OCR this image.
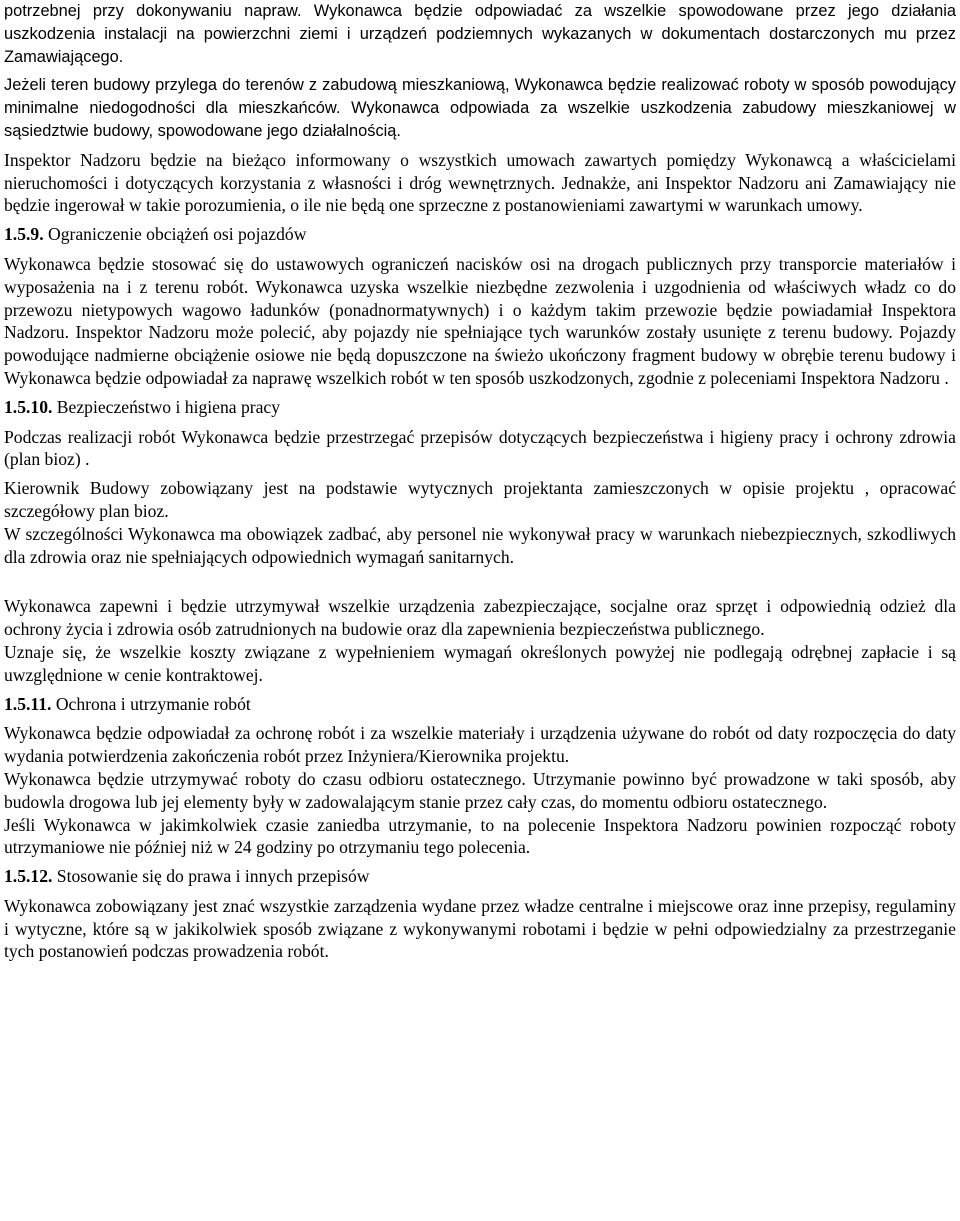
potrzebnej przy dokonywaniu napraw. Wykonawca będzie odpowiadać za wszelkie spowodowane przez jego działania uszkodzenia instalacji na powierzchni ziemi i urządzeń podziemnych wykazanych w dokumentach dostarczonych mu przez Zamawiającego.

Jeżeli teren budowy przylega do terenów z zabudową mieszkaniową, Wykonawca będzie realizować roboty w sposób powodujący minimalne niedogodności dla mieszkańców. Wykonawca odpowiada za wszelkie uszkodzenia zabudowy mieszkaniowej w sąsiedztwie budowy, spowodowane jego działalnością.

Inspektor Nadzoru będzie na bieżąco informowany o wszystkich umowach zawartych pomiędzy Wykonawcą a właścicielami nieruchomości i dotyczących korzystania z własności i dróg wewnętrznych. Jednakże, ani Inspektor Nadzoru ani Zamawiający nie będzie ingerował w takie porozumienia, o ile nie będą one sprzeczne z postanowieniami zawartymi w warunkach umowy.

1.5.9. Ograniczenie obciążeń osi pojazdów

Wykonawca będzie stosować się do ustawowych ograniczeń nacisków osi na drogach publicznych przy transporcie materiałów i wyposażenia na i z terenu robót. Wykonawca uzyska wszelkie niezbędne zezwolenia i uzgodnienia od właściwych władz co do przewozu nietypowych wagowo ładunków (ponadnormatywnych) i o każdym takim przewozie będzie powiadamiał Inspektora Nadzoru. Inspektor Nadzoru może polecić, aby pojazdy nie spełniające tych warunków zostały usunięte z terenu budowy. Pojazdy powodujące nadmierne obciążenie osiowe nie będą dopuszczone na świeżo ukończony fragment budowy w obrębie terenu budowy i Wykonawca będzie odpowiadał za naprawę wszelkich robót w ten sposób uszkodzonych, zgodnie z poleceniami Inspektora Nadzoru .

1.5.10. Bezpieczeństwo i higiena pracy

Podczas realizacji robót Wykonawca będzie przestrzegać przepisów dotyczących bezpieczeństwa i higieny pracy i ochrony zdrowia (plan bioz) .

Kierownik Budowy zobowiązany jest na podstawie wytycznych projektanta zamieszczonych w opisie projektu , opracować szczegółowy plan bioz.

W szczególności Wykonawca ma obowiązek zadbać, aby personel nie wykonywał pracy w warunkach niebezpiecznych, szkodliwych dla zdrowia oraz nie spełniających odpowiednich wymagań sanitarnych.

Wykonawca zapewni i będzie utrzymywał wszelkie urządzenia zabezpieczające, socjalne oraz sprzęt i odpowiednią odzież dla ochrony życia i zdrowia osób zatrudnionych na budowie oraz dla zapewnienia bezpieczeństwa publicznego.

Uznaje się, że wszelkie koszty związane z wypełnieniem wymagań określonych powyżej nie podlegają odrębnej zapłacie i są uwzględnione w cenie kontraktowej.

1.5.11. Ochrona i utrzymanie robót

Wykonawca będzie odpowiadał za ochronę robót i za wszelkie materiały i urządzenia używane do robót od daty rozpoczęcia do daty wydania potwierdzenia zakończenia robót przez Inżyniera/Kierownika projektu.

Wykonawca będzie utrzymywać roboty do czasu odbioru ostatecznego. Utrzymanie powinno być prowadzone w taki sposób, aby budowla drogowa lub jej elementy były w zadowalającym stanie przez cały czas, do momentu odbioru ostatecznego.

Jeśli Wykonawca w jakimkolwiek czasie zaniedba utrzymanie, to na polecenie Inspektora Nadzoru powinien rozpocząć roboty utrzymaniowe nie później niż w 24 godziny po otrzymaniu tego polecenia.

1.5.12. Stosowanie się do prawa i innych przepisów

Wykonawca zobowiązany jest znać wszystkie zarządzenia wydane przez władze centralne i miejscowe oraz inne przepisy, regulaminy i wytyczne, które są w jakikolwiek sposób związane z wykonywanymi robotami i będzie w pełni odpowiedzialny za przestrzeganie tych postanowień podczas prowadzenia robót.
